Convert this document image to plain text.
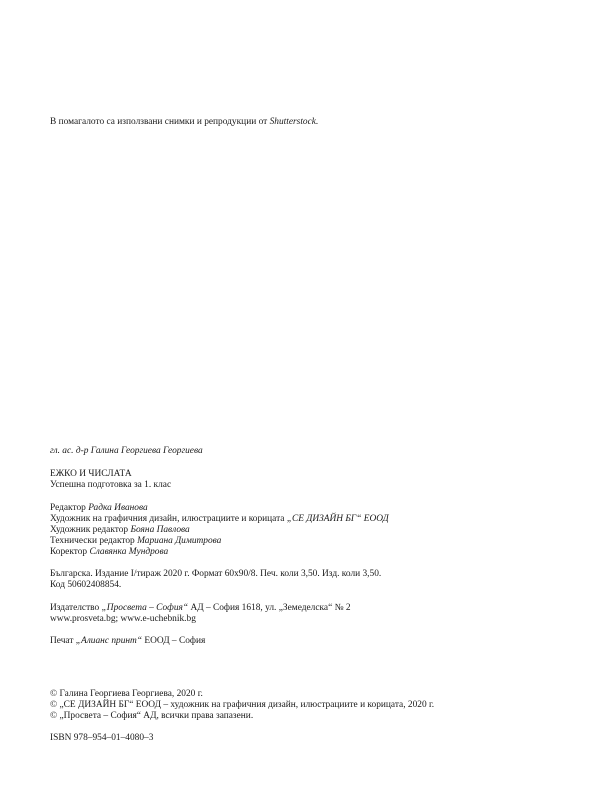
В помагалото са използвани снимки и репродукции от Shutterstock.
гл. ас. д-р Галина Георгиева Георгиева
ЕЖКО И ЧИСЛАТА
Успешна подготовка за 1. клас
Редактор Радка Иванова
Художник на графичния дизайн, илюстрациите и корицата „СЕ ДИЗАЙН БГ“ ЕООД
Художник редактор Бояна Павлова
Технически редактор Мариана Димитрова
Коректор Славянка Мундрова
Българска. Издание I/тираж 2020 г. Формат 60х90/8. Печ. коли 3,50. Изд. коли 3,50.
Код 50602408854.
Издателство „Просвета – София“ АД – София 1618, ул. „Земеделска“ № 2
www.prosveta.bg; www.e-uchebnik.bg
Печат „Алианс принт“ ЕООД – София
© Галина Георгиева Георгиева, 2020 г.
© „СЕ ДИЗАЙН БГ“ ЕООД – художник на графичния дизайн, илюстрациите и корицата, 2020 г.
© „Просвета – София“ АД, всички права запазени.
ISBN 978–954–01–4080–3
